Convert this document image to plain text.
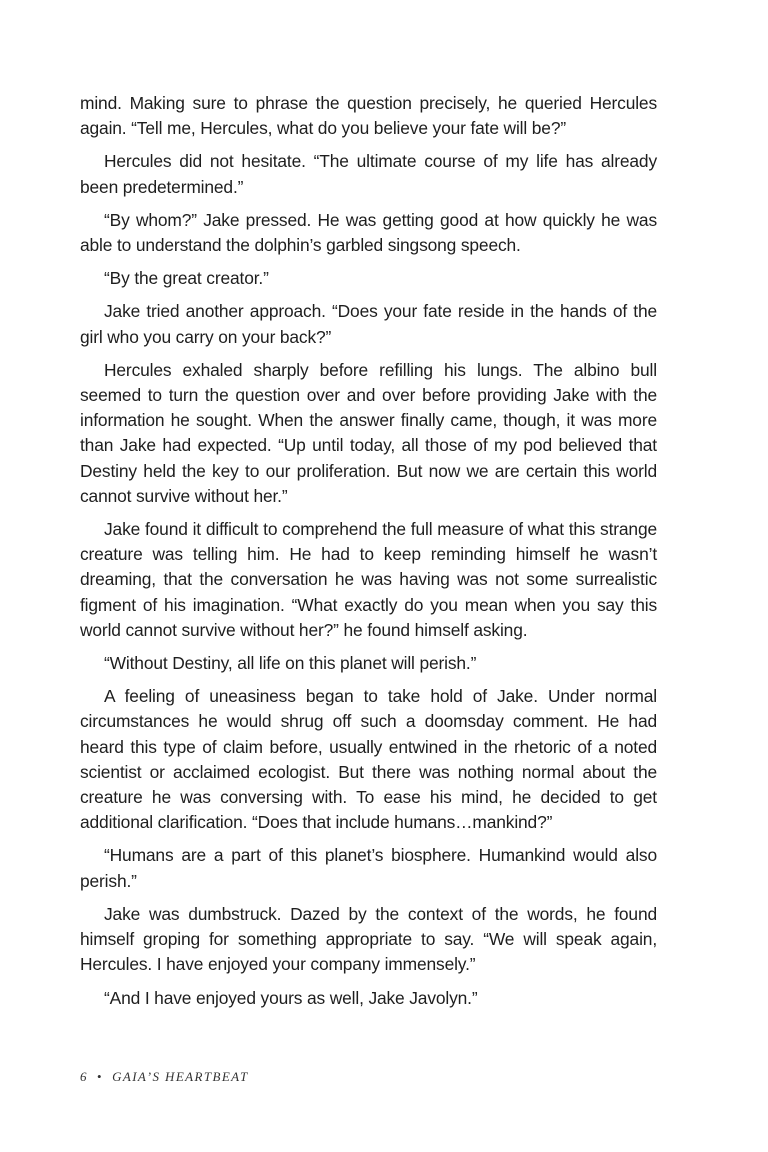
mind. Making sure to phrase the question precisely, he queried Hercules again. “Tell me, Hercules, what do you believe your fate will be?”

Hercules did not hesitate. “The ultimate course of my life has already been predetermined.”

“By whom?” Jake pressed. He was getting good at how quickly he was able to understand the dolphin’s garbled singsong speech.

“By the great creator.”

Jake tried another approach. “Does your fate reside in the hands of the girl who you carry on your back?”

Hercules exhaled sharply before refilling his lungs. The albino bull seemed to turn the question over and over before providing Jake with the information he sought. When the answer finally came, though, it was more than Jake had expected. “Up until today, all those of my pod believed that Destiny held the key to our proliferation. But now we are certain this world cannot survive without her.”

Jake found it difficult to comprehend the full measure of what this strange creature was telling him. He had to keep reminding himself he wasn’t dreaming, that the conversation he was having was not some surrealistic figment of his imagination. “What exactly do you mean when you say this world cannot survive without her?” he found himself asking.

“Without Destiny, all life on this planet will perish.”

A feeling of uneasiness began to take hold of Jake. Under normal circumstances he would shrug off such a doomsday comment. He had heard this type of claim before, usually entwined in the rhetoric of a noted scientist or acclaimed ecologist. But there was nothing normal about the creature he was conversing with. To ease his mind, he decided to get additional clarification. “Does that include humans…mankind?”

“Humans are a part of this planet’s biosphere. Humankind would also perish.”

Jake was dumbstruck. Dazed by the context of the words, he found himself groping for something appropriate to say. “We will speak again, Hercules. I have enjoyed your company immensely.”

“And I have enjoyed yours as well, Jake Javolyn.”

6 • GAIA’S HEARTBEAT
